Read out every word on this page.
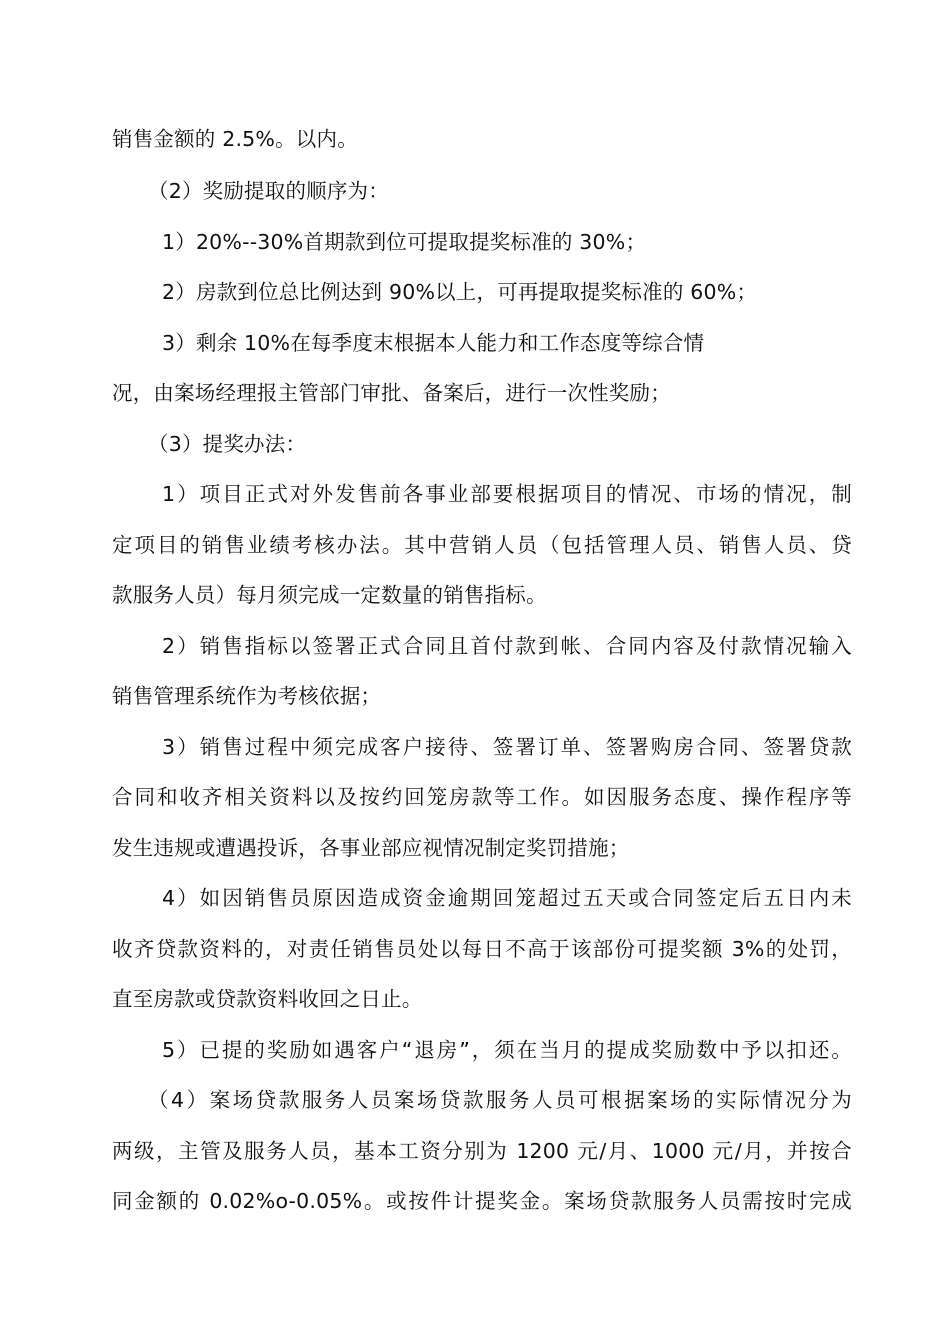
销售金额的 2.5%。以内。
（2）奖励提取的顺序为：
1）20%--30%首期款到位可提取提奖标准的 30%；
2）房款到位总比例达到 90%以上，可再提取提奖标准的 60%；
3）剩余 10%在每季度末根据本人能力和工作态度等综合情
况，由案场经理报主管部门审批、备案后，进行一次性奖励；
（3）提奖办法：
1）项目正式对外发售前各事业部要根据项目的情况、市场的情况，制
定项目的销售业绩考核办法。其中营销人员（包括管理人员、销售人员、贷
款服务人员）每月须完成一定数量的销售指标。
2）销售指标以签署正式合同且首付款到帐、合同内容及付款情况输入
销售管理系统作为考核依据；
3）销售过程中须完成客户接待、签署订单、签署购房合同、签署贷款
合同和收齐相关资料以及按约回笼房款等工作。如因服务态度、操作程序等
发生违规或遭遇投诉，各事业部应视情况制定奖罚措施；
4）如因销售员原因造成资金逾期回笼超过五天或合同签定后五日内未
收齐贷款资料的，对责任销售员处以每日不高于该部份可提奖额 3%的处罚，
直至房款或贷款资料收回之日止。
5）已提的奖励如遇客户“退房”，须在当月的提成奖励数中予以扣还。
（4）案场贷款服务人员案场贷款服务人员可根据案场的实际情况分为
两级，主管及服务人员，基本工资分别为 1200 元/月、1000 元/月，并按合
同金额的 0.02%o-0.05%。或按件计提奖金。案场贷款服务人员需按时完成
